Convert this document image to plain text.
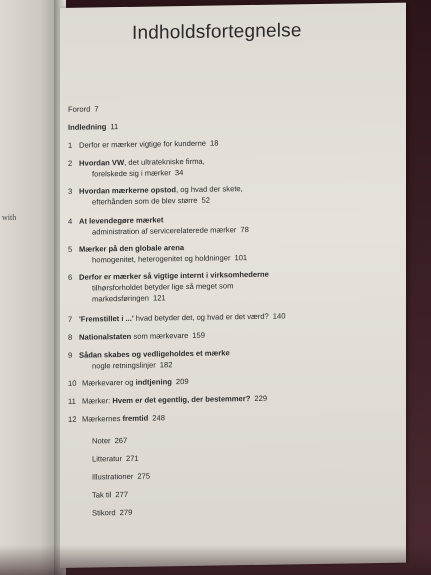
with
Indholdsfortegnelse
Forord 7
Indledning 11
1 Derfor er mærker vigtige for kunderne 18
2 Hvordan VW, det ultratekniske firma,
forelskede sig i mærker 34
3 Hvordan mærkerne opstod, og hvad der skete,
efterhånden som de blev større 52
4 At levendegøre mærket
administration af servicerelaterede mærker 78
5 Mærker på den globale arena
homogenitet, heterogenitet og holdninger 101
6 Derfor er mærker så vigtige internt i virksomhederne
tilhørsforholdet betyder lige så meget som
markedsføringen 121
7 'Fremstillet i ...' hvad betyder det, og hvad er det værd? 140
8 Nationalstaten som mærkevare 159
9 Sådan skabes og vedligeholdes et mærke
nogle retningslinjer 182
10 Mærkevarer og indtjening 209
11 Mærker: Hvem er det egentlig, der bestemmer? 229
12 Mærkernes fremtid 248
Noter 267
Litteratur 271
Illustrationer 275
Tak til 277
Stikord 279
